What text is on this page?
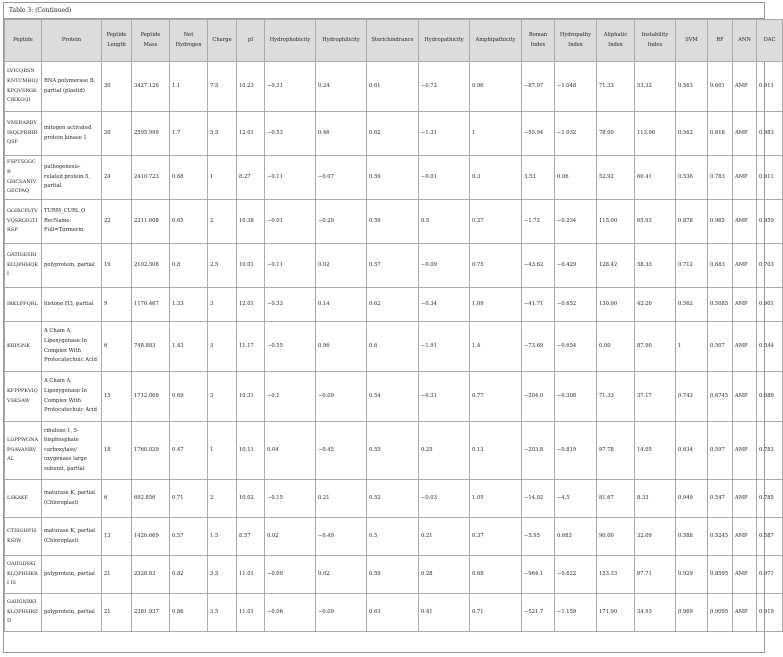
Table 3: (Continued)
Peptide	Protein	Peptide Length	Peptide Mass	Net Hydrogen	Charge	pI	Hydrophobicity	Hydrophilicity	Sterichindrance	Hydropathicity	Amphipathicity	Boman Index	Hydropathy Index	Aliphatic Index	Instability Index	SVM	RF	ANN	DAC
LVICQRSN KNTCMHIQ KPQVSRGK CIKKGQI	RNA polymerase B, partial (plastid)	30	3427.126	1.1	7.5	10.23	−0.31	0.24	0.61	−0.72	0.96	−87.07	−1.048	71.33	53.32	0.563	0.601	AMP	0.911
VNERARRY IRQLPRHIR QSF	mitogen activated protein kinase 1	20	2595.999	1.7	5.5	12.01	−0.53	0.46	0.62	−1.31	1	−55.94	−1.032	78.00	113.06	0.562	0.618	AMP	0.983
FSPTSGGCR GHCSANIV GECPAQ	pathogenesis-related protein 5, partial	24	2410.723	0.68	1	8.27	−0.11	−0.07	0.59	−0.01	0.3	3.53	0.06	52.92	60.41	0.536	0.783	AMP	0.911
GGIRCPLTV VQSRGIGTI RSP	TURM_CURL O RecName: Full=Turmerin	22	2211.608	0.65	2	10.38	−0.01	−0.29	0.59	0.5	0.27	−1.72	−0.234	115.00	65.93	0.878	0.965	AMP	0.959
GATIGESRI KLQPHHQK I	polyprotein, partial	19	2102.508	0.8	2.5	10.01	−0.11	0.02	0.57	−0.09	0.75	−43.62	−0.429	128.42	58.33	0.712	0.683	AMP	0.703
IRKLPFQRL	histone H3, partial	9	1170.467	1.33	3	12.01	−0.33	0.14	0.62	−0.34	1.09	−41.71	−0.652	130.00	42.26	0.562	0.5085	AMP	0.901
KRPGNK	A Chain A, Lipoxygenase In Complex With Protocatechuic Acid	6	748.883	1.43	3	11.17	−0.55	0.96	0.6	−1.91	1.4	−73.69	−0.654	0.00	87.90	1	0.507	AMP	0.544
KFPPPKVIQ VSKSAW	A Chain A, Lipoxygenase In Complex With Protocatechuic Acid	15	1712.068	0.69	3	10.31	−0.1	−0.09	0.54	−0.31	0.77	−204.0	−0.308	71.33	37.17	0.743	0.6745	AMP	0.686
LGPPWGNA PGAVANRV AL	ribulose-1, 5-bisphosphate carboxylase/ oxygenase large subunit, partial	18	1760.029	0.47	1	10.11	0.04	−0.45	0.55	0.25	0.13	−203.8	−0.819	97.78	14.05	0.634	0.597	AMP	0.783
LSKAKF	maturase K, partial (Chloroplast)	6	692.856	0.71	2	10.02	−0.15	0.21	0.52	−0.03	1.05	−14.92	−4.5	81.67	8.33	0.949	0.547	AMP	0.785
CTISGHPIS KSIW	maturase K, partial (Chloroplast)	13	1420.669	0.57	1.5	8.57	0.02	−0.49	0.5	0.21	0.37	−5.95	0.683	90.00	32.09	0.588	0.5245	AMP	0.587
GAIIGDSKI KLQPHHKRI IS	polyprotein, partial	21	2328.83	0.82	3.5	11.01	−0.09	0.02	0.59	0.28	0.68	−964.1	−0.622	153.33	67.71	0.929	0.8595	AMP	0.971
GAIIGNRKI KLQPHHRII D	polyprotein, partial	21	2381.937	0.86	3.5	11.01	−0.06	−0.09	0.63	0.41	0.71	−521.7	−1.159	171.90	34.93	0.969	0.9095	AMP	0.919
